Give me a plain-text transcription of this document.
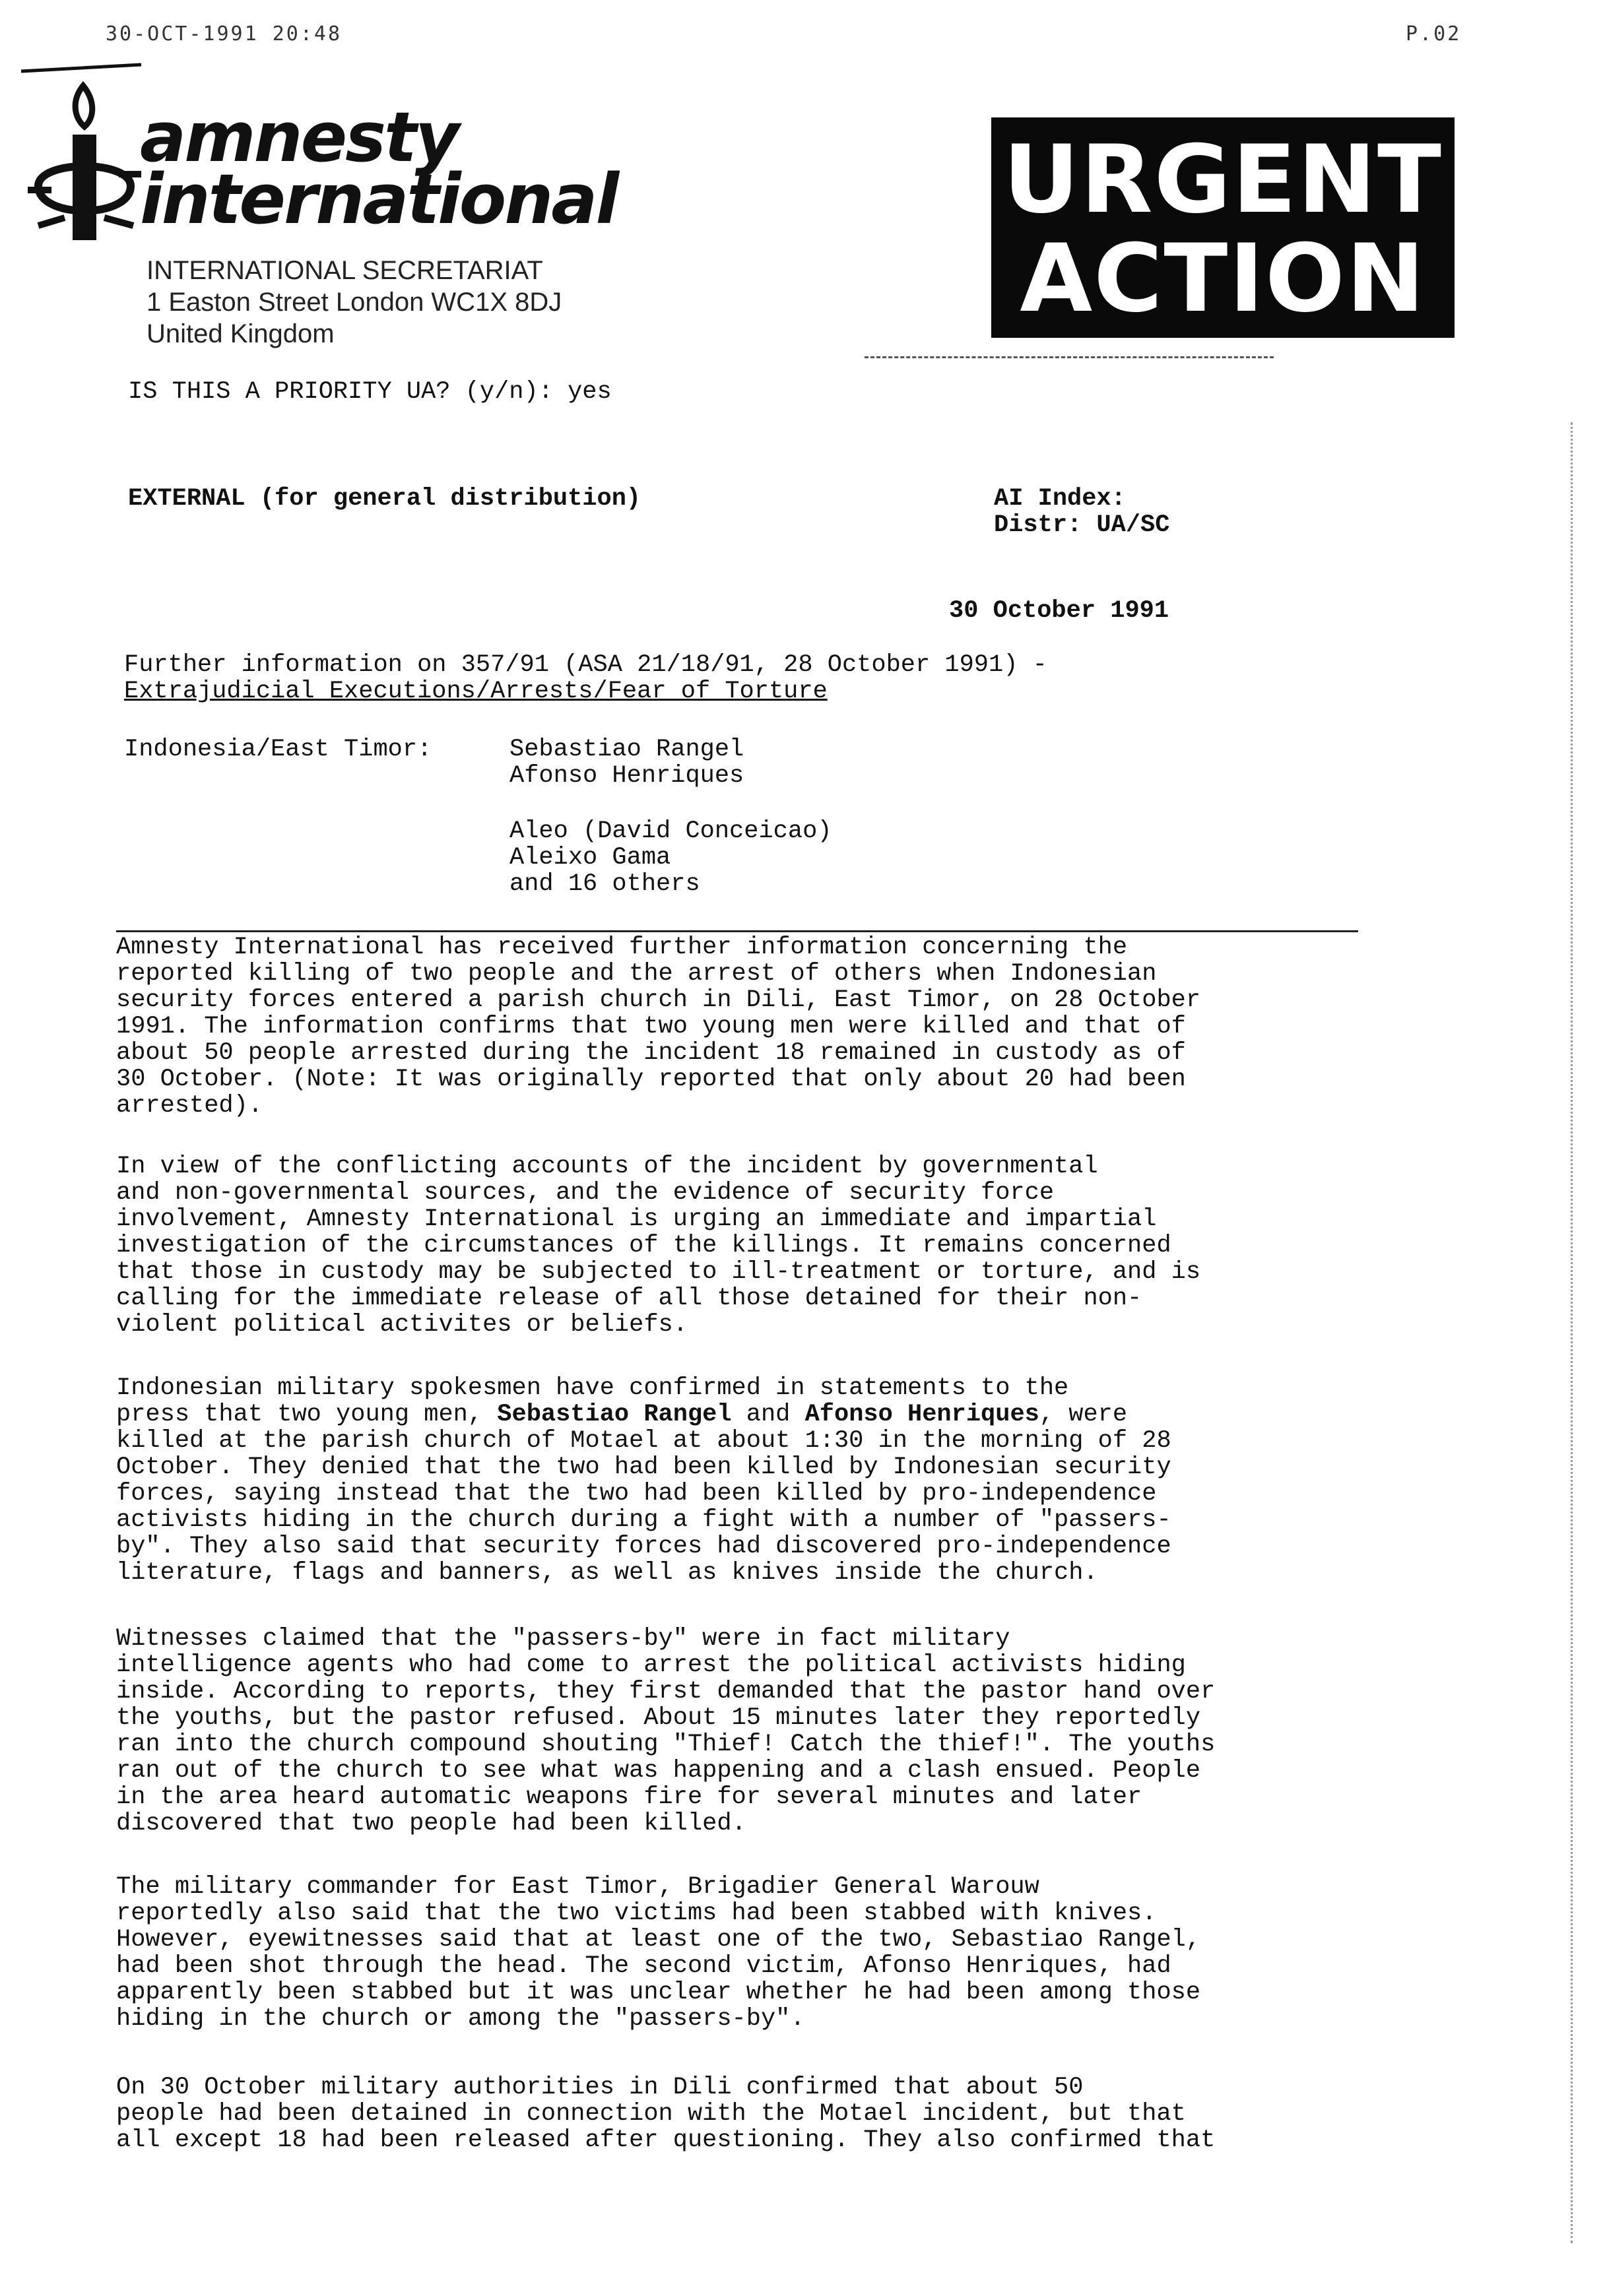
30-OCT-1991 20:48	P.02
amnesty
international
INTERNATIONAL SECRETARIAT
1 Easton Street London WC1X 8DJ
United Kingdom
URGENT
ACTION
IS THIS A PRIORITY UA? (y/n): yes
EXTERNAL (for general distribution)	AI Index:
Distr: UA/SC
30 October 1991
Further information on 357/91 (ASA 21/18/91, 28 October 1991) -
Extrajudicial Executions/Arrests/Fear of Torture
Indonesia/East Timor:	Sebastiao Rangel
Afonso Henriques
Aleo (David Conceicao)
Aleixo Gama
and 16 others
Amnesty International has received further information concerning the
reported killing of two people and the arrest of others when Indonesian
security forces entered a parish church in Dili, East Timor, on 28 October
1991. The information confirms that two young men were killed and that of
about 50 people arrested during the incident 18 remained in custody as of
30 October. (Note: It was originally reported that only about 20 had been
arrested).
In view of the conflicting accounts of the incident by governmental
and non-governmental sources, and the evidence of security force
involvement, Amnesty International is urging an immediate and impartial
investigation of the circumstances of the killings. It remains concerned
that those in custody may be subjected to ill-treatment or torture, and is
calling for the immediate release of all those detained for their non-
violent political activites or beliefs.
Indonesian military spokesmen have confirmed in statements to the
press that two young men, Sebastiao Rangel and Afonso Henriques, were
killed at the parish church of Motael at about 1:30 in the morning of 28
October. They denied that the two had been killed by Indonesian security
forces, saying instead that the two had been killed by pro-independence
activists hiding in the church during a fight with a number of "passers-
by". They also said that security forces had discovered pro-independence
literature, flags and banners, as well as knives inside the church.
Witnesses claimed that the "passers-by" were in fact military
intelligence agents who had come to arrest the political activists hiding
inside. According to reports, they first demanded that the pastor hand over
the youths, but the pastor refused. About 15 minutes later they reportedly
ran into the church compound shouting "Thief! Catch the thief!". The youths
ran out of the church to see what was happening and a clash ensued. People
in the area heard automatic weapons fire for several minutes and later
discovered that two people had been killed.
The military commander for East Timor, Brigadier General Warouw
reportedly also said that the two victims had been stabbed with knives.
However, eyewitnesses said that at least one of the two, Sebastiao Rangel,
had been shot through the head. The second victim, Afonso Henriques, had
apparently been stabbed but it was unclear whether he had been among those
hiding in the church or among the "passers-by".
On 30 October military authorities in Dili confirmed that about 50
people had been detained in connection with the Motael incident, but that
all except 18 had been released after questioning. They also confirmed that
